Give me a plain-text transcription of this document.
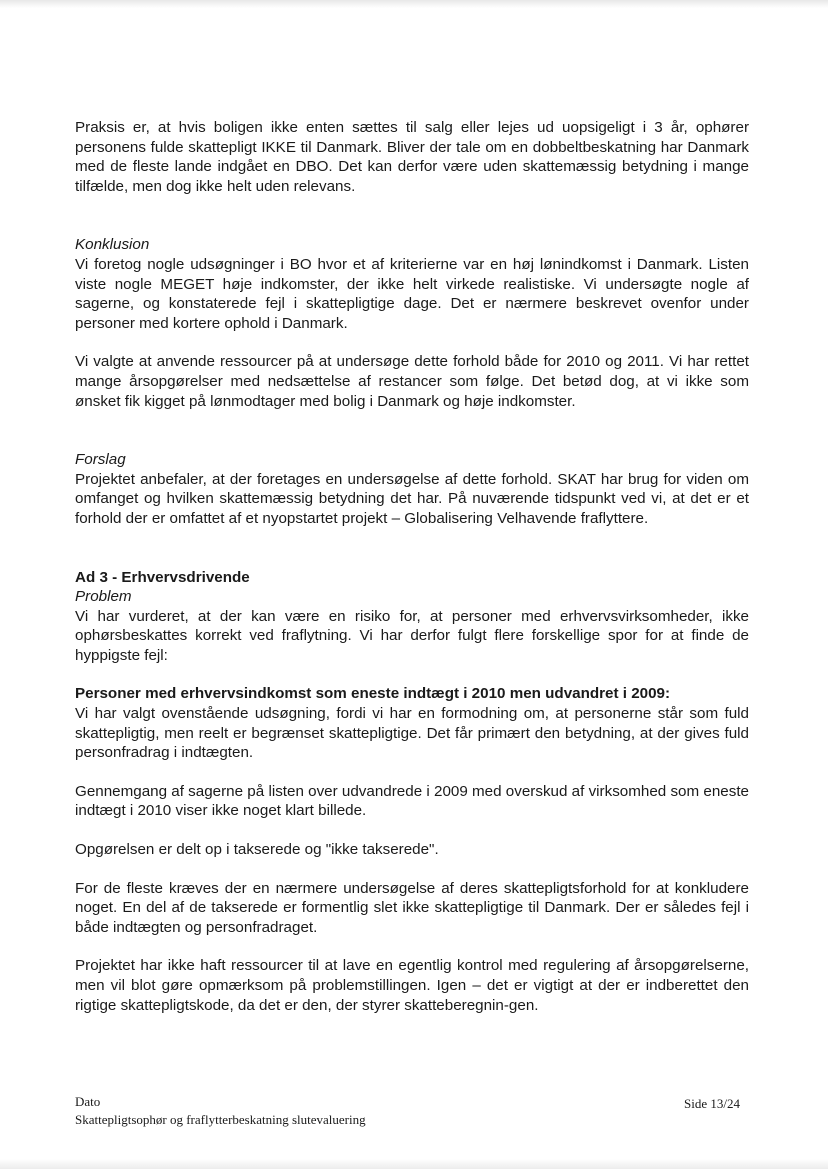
Praksis er, at hvis boligen ikke enten sættes til salg eller lejes ud uopsigeligt i 3 år, ophører personens fulde skattepligt IKKE til Danmark. Bliver der tale om en dobbeltbeskatning har Danmark med de fleste lande indgået en DBO. Det kan derfor være uden skattemæssig betydning i mange tilfælde, men dog ikke helt uden relevans.

Konklusion

Vi foretog nogle udsøgninger i BO hvor et af kriterierne var en høj lønindkomst i Danmark. Listen viste nogle MEGET høje indkomster, der ikke helt virkede realistiske. Vi undersøgte nogle af sagerne, og konstaterede fejl i skattepligtige dage. Det er nærmere beskrevet ovenfor under personer med kortere ophold i Danmark.

Vi valgte at anvende ressourcer på at undersøge dette forhold både for 2010 og 2011. Vi har rettet mange årsopgørelser med nedsættelse af restancer som følge. Det betød dog, at vi ikke som ønsket fik kigget på lønmodtager med bolig i Danmark og høje indkomster.

Forslag

Projektet anbefaler, at der foretages en undersøgelse af dette forhold. SKAT har brug for viden om omfanget og hvilken skattemæssig betydning det har. På nuværende tidspunkt ved vi, at det er et forhold der er omfattet af et nyopstartet projekt – Globalisering Velhavende fraflyttere.

Ad 3 - Erhvervsdrivende

Problem

Vi har vurderet, at der kan være en risiko for, at personer med erhvervsvirksomheder, ikke ophørsbeskattes korrekt ved fraflytning. Vi har derfor fulgt flere forskellige spor for at finde de hyppigste fejl:

Personer med erhvervsindkomst som eneste indtægt i 2010 men udvandret i 2009:

Vi har valgt ovenstående udsøgning, fordi vi har en formodning om, at personerne står som fuld skattepligtig, men reelt er begrænset skattepligtige. Det får primært den betydning, at der gives fuld personfradrag i indtægten.

Gennemgang af sagerne på listen over udvandrede i 2009 med overskud af virksomhed som eneste indtægt i 2010 viser ikke noget klart billede.

Opgørelsen er delt op i takserede og "ikke takserede".

For de fleste kræves der en nærmere undersøgelse af deres skattepligtsforhold for at konkludere noget. En del af de takserede er formentlig slet ikke skattepligtige til Danmark. Der er således fejl i både indtægten og personfradraget.

Projektet har ikke haft ressourcer til at lave en egentlig kontrol med regulering af årsopgørelserne, men vil blot gøre opmærksom på problemstillingen. Igen – det er vigtigt at der er indberettet den rigtige skattepligtskode, da det er den, der styrer skatteberegnin-gen.

Dato
Skattepligtsophør og fraflytterbeskatning slutevaluering
Side 13/24
